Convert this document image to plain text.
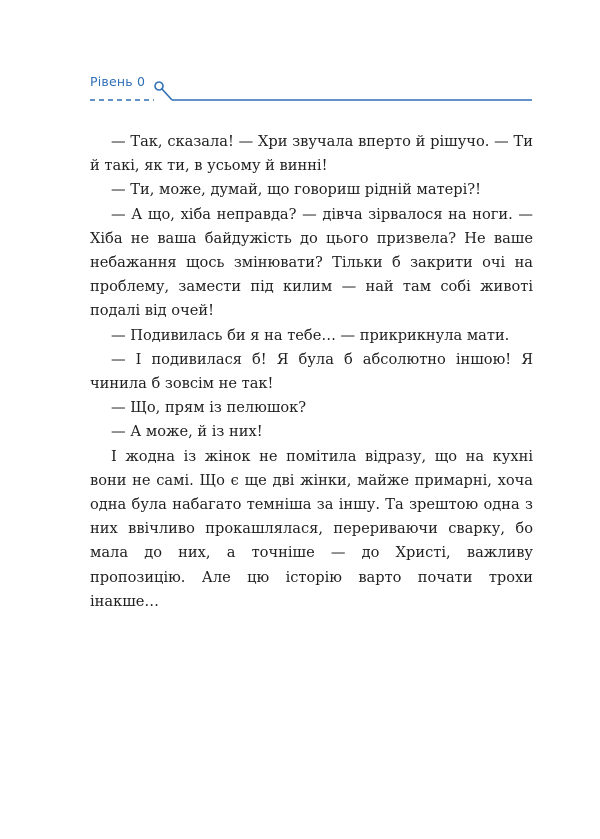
Рівень 0

— Так, сказала! — Хри звучала вперто й рішучо. — Ти й такі, як ти, в усьому й винні!

— Ти, може, думай, що говориш рідній матері?!

— А що, хіба неправда? — дівча зірвалося на ноги. — Хіба не ваша байдужість до цього призвела? Не ваше небажання щось змінювати? Тільки б закрити очі на проблему, замести під килим — най там собі животі подалі від очей!

— Подивилась би я на тебе… — прикрикнула мати.

— І подивилася б! Я була б абсолютно іншою! Я чинила б зовсім не так!

— Що, прям із пелюшок?

— А може, й із них!

І жодна із жінок не помітила відразу, що на кухні вони не самі. Що є ще дві жінки, майже примарні, хоча одна була набагато темніша за іншу. Та зрештою одна з них ввічливо прокашлялася, перериваючи сварку, бо мала до них, а точніше — до Христі, важливу пропозицію. Але цю історію варто почати трохи інакше…
